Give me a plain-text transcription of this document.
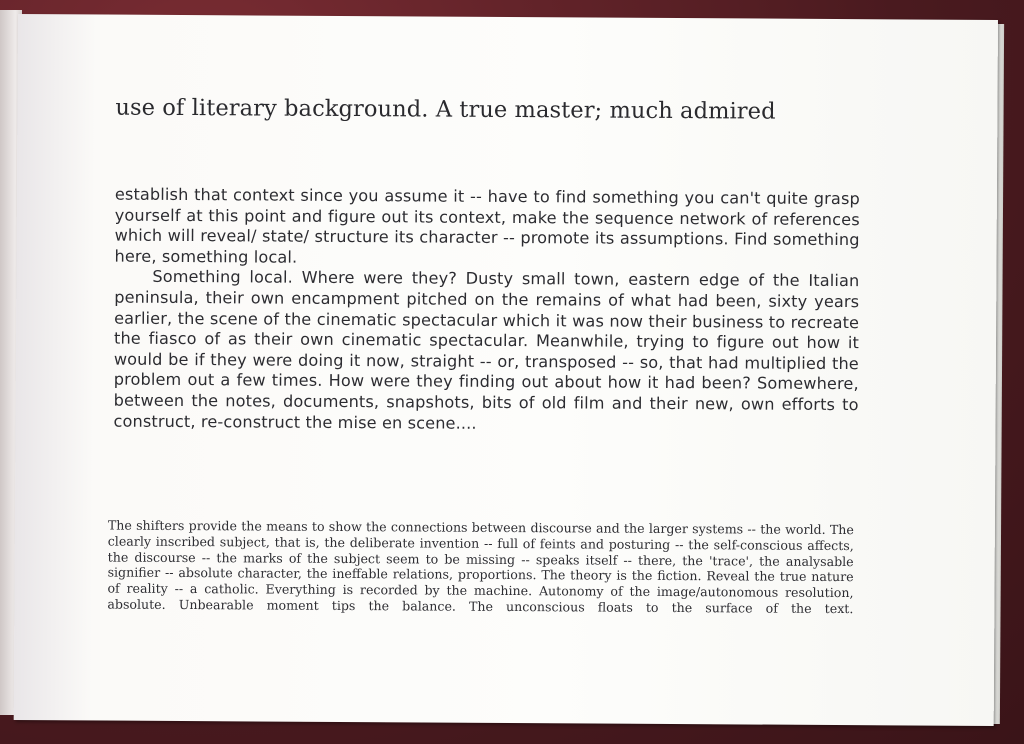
use of literary background. A true master; much admired

establish that context since you assume it -- have to find something you can't quite grasp yourself at this point and figure out its context, make the sequence network of references which will reveal/ state/ structure its character -- promote its assumptions. Find something here, something local.

Something local. Where were they? Dusty small town, eastern edge of the Italian peninsula, their own encampment pitched on the remains of what had been, sixty years earlier, the scene of the cinematic spectacular which it was now their business to recreate the fiasco of as their own cinematic spectacular. Meanwhile, trying to figure out how it would be if they were doing it now, straight -- or, transposed -- so, that had multiplied the problem out a few times. How were they finding out about how it had been? Somewhere, between the notes, documents, snapshots, bits of old film and their new, own efforts to construct, re-construct the mise en scene....

The shifters provide the means to show the connections between discourse and the larger systems -- the world. The clearly inscribed subject, that is, the deliberate invention -- full of feints and posturing -- the self-conscious affects, the discourse -- the marks of the subject seem to be missing -- speaks itself -- there, the 'trace', the analysable signifier -- absolute character, the ineffable relations, proportions. The theory is the fiction. Reveal the true nature of reality -- a catholic. Everything is recorded by the machine. Autonomy of the image/autonomous resolution, absolute. Unbearable moment tips the balance. The unconscious floats to the surface of the text.
